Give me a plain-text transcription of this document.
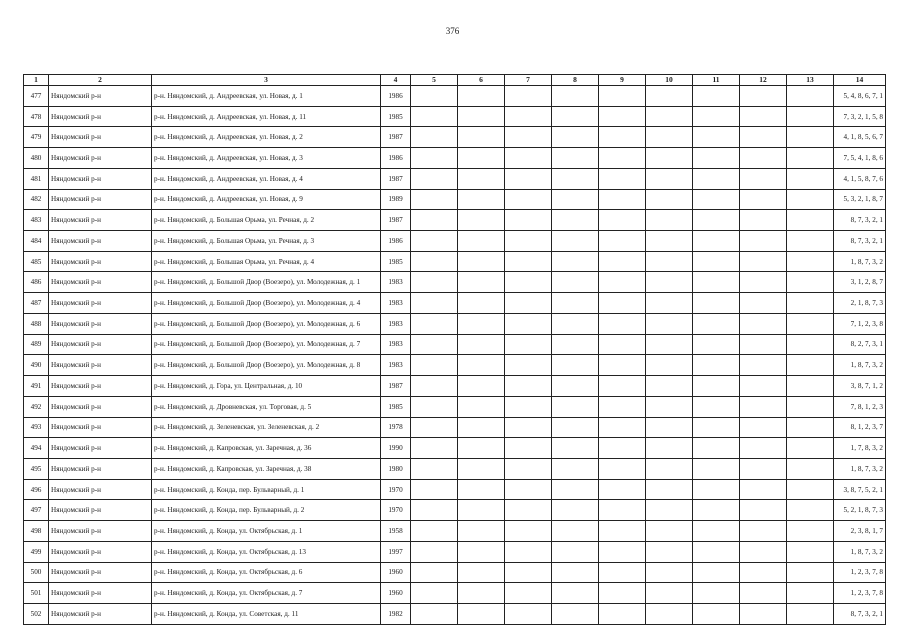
376
1	2	3	4	5	6	7	8	9	10	11	12	13	14
477	Няндомский р-н	р-н. Няндомский, д. Андреевская, ул. Новая, д. 1	1986										5, 4, 8, 6, 7, 1
478	Няндомский р-н	р-н. Няндомский, д. Андреевская, ул. Новая, д. 11	1985										7, 3, 2, 1, 5, 8
479	Няндомский р-н	р-н. Няндомский, д. Андреевская, ул. Новая, д. 2	1987										4, 1, 8, 5, 6, 7
480	Няндомский р-н	р-н. Няндомский, д. Андреевская, ул. Новая, д. 3	1986										7, 5, 4, 1, 8, 6
481	Няндомский р-н	р-н. Няндомский, д. Андреевская, ул. Новая, д. 4	1987										4, 1, 5, 8, 7, 6
482	Няндомский р-н	р-н. Няндомский, д. Андреевская, ул. Новая, д. 9	1989										5, 3, 2, 1, 8, 7
483	Няндомский р-н	р-н. Няндомский, д. Большая Орьма, ул. Речная, д. 2	1987										8, 7, 3, 2, 1
484	Няндомский р-н	р-н. Няндомский, д. Большая Орьма, ул. Речная, д. 3	1986										8, 7, 3, 2, 1
485	Няндомский р-н	р-н. Няндомский, д. Большая Орьма, ул. Речная, д. 4	1985										1, 8, 7, 3, 2
486	Няндомский р-н	р-н. Няндомский, д. Большой Двор (Воезеро), ул. Молодежная, д. 1	1983										3, 1, 2, 8, 7
487	Няндомский р-н	р-н. Няндомский, д. Большой Двор (Воезеро), ул. Молодежная, д. 4	1983										2, 1, 8, 7, 3
488	Няндомский р-н	р-н. Няндомский, д. Большой Двор (Воезеро), ул. Молодежная, д. 6	1983										7, 1, 2, 3, 8
489	Няндомский р-н	р-н. Няндомский, д. Большой Двор (Воезеро), ул. Молодежная, д. 7	1983										8, 2, 7, 3, 1
490	Няндомский р-н	р-н. Няндомский, д. Большой Двор (Воезеро), ул. Молодежная, д. 8	1983										1, 8, 7, 3, 2
491	Няндомский р-н	р-н. Няндомский, д. Гора, ул. Центральная, д. 10	1987										3, 8, 7, 1, 2
492	Няндомский р-н	р-н. Няндомский, д. Дровневская, ул. Торговая, д. 5	1985										7, 8, 1, 2, 3
493	Няндомский р-н	р-н. Няндомский, д. Зеленевская, ул. Зеленевская, д. 2	1978										8, 1, 2, 3, 7
494	Няндомский р-н	р-н. Няндомский, д. Капровская, ул. Заречная, д. 36	1990										1, 7, 8, 3, 2
495	Няндомский р-н	р-н. Няндомский, д. Капровская, ул. Заречная, д. 38	1980										1, 8, 7, 3, 2
496	Няндомский р-н	р-н. Няндомский, д. Конда, пер. Бульварный, д. 1	1970										3, 8, 7, 5, 2, 1
497	Няндомский р-н	р-н. Няндомский, д. Конда, пер. Бульварный, д. 2	1970										5, 2, 1, 8, 7, 3
498	Няндомский р-н	р-н. Няндомский, д. Конда, ул. Октябрьская, д. 1	1958										2, 3, 8, 1, 7
499	Няндомский р-н	р-н. Няндомский, д. Конда, ул. Октябрьская, д. 13	1997										1, 8, 7, 3, 2
500	Няндомский р-н	р-н. Няндомский, д. Конда, ул. Октябрьская, д. 6	1960										1, 2, 3, 7, 8
501	Няндомский р-н	р-н. Няндомский, д. Конда, ул. Октябрьская, д. 7	1960										1, 2, 3, 7, 8
502	Няндомский р-н	р-н. Няндомский, д. Конда, ул. Советская, д. 11	1982										8, 7, 3, 2, 1
